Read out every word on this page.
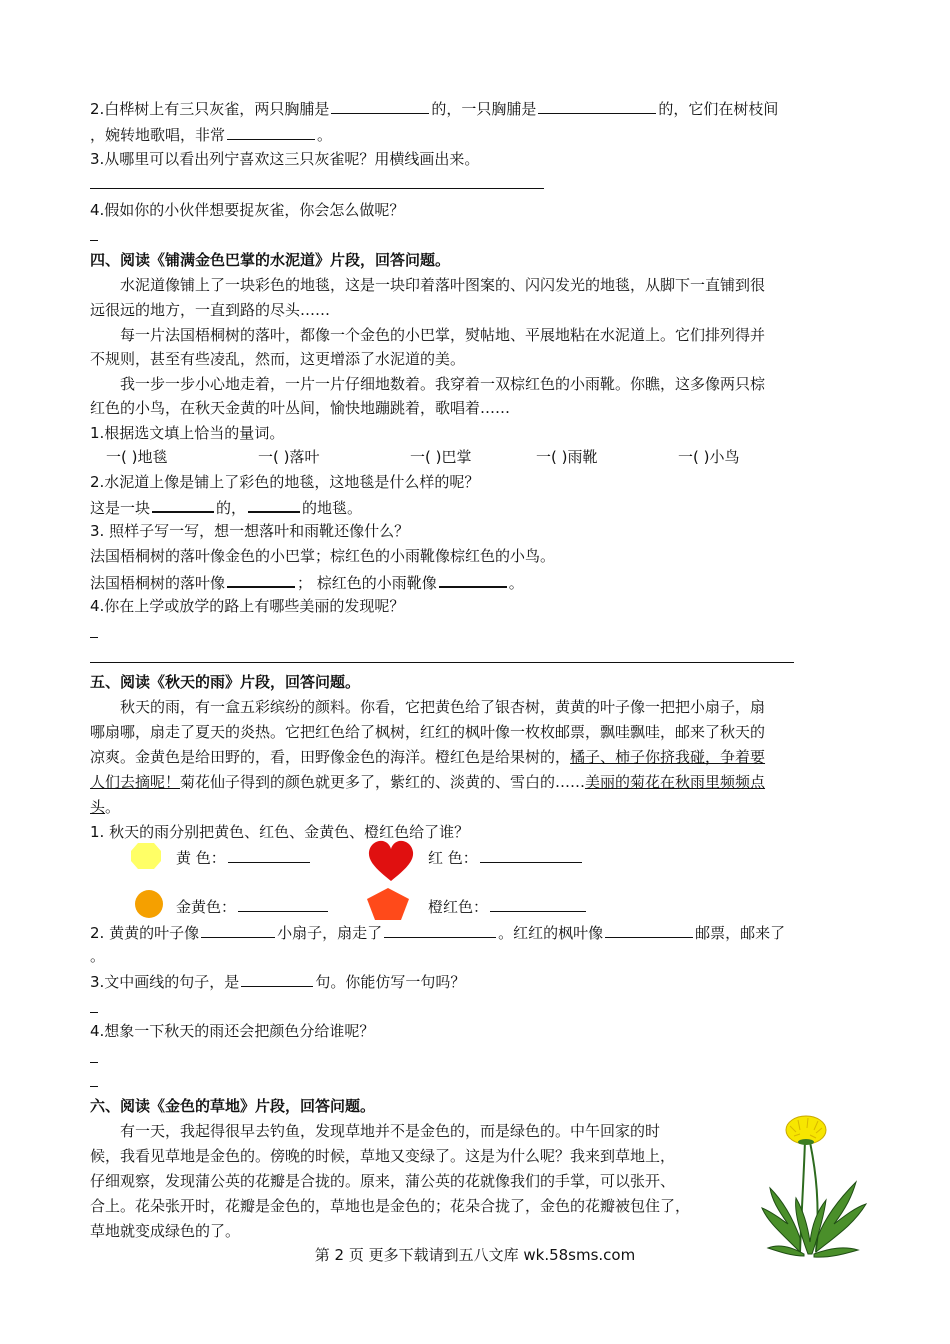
2.白桦树上有三只灰雀，两只胸脯是	的，一只胸脯是	的，它们在树枝间
，婉转地歌唱，非常	。
3.从哪里可以看出列宁喜欢这三只灰雀呢？用横线画出来。
4.假如你的小伙伴想要捉灰雀，你会怎么做呢？
四、阅读《铺满金色巴掌的水泥道》片段，回答问题。
水泥道像铺上了一块彩色的地毯，这是一块印着落叶图案的、闪闪发光的地毯，从脚下一直铺到很
远很远的地方，一直到路的尽头……
每一片法国梧桐树的落叶，都像一个金色的小巴掌，熨帖地、平展地粘在水泥道上。它们排列得并
不规则，甚至有些凌乱，然而，这更增添了水泥道的美。
我一步一步小心地走着，一片一片仔细地数着。我穿着一双棕红色的小雨靴。你瞧，这多像两只棕
红色的小鸟，在秋天金黄的叶丛间，愉快地蹦跳着，歌唱着……
1.根据选文填上恰当的量词。
一( )地毯	一( )落叶	一( )巴掌	一( )雨靴	一( )小鸟
2.水泥道上像是铺上了彩色的地毯，这地毯是什么样的呢？
这是一块	的，	的地毯。
3. 照样子写一写，想一想落叶和雨靴还像什么？
法国梧桐树的落叶像金色的小巴掌；棕红色的小雨靴像棕红色的小鸟。
法国梧桐树的落叶像	； 棕红色的小雨靴像	。
4.你在上学或放学的路上有哪些美丽的发现呢？
五、阅读《秋天的雨》片段，回答问题。
秋天的雨，有一盒五彩缤纷的颜料。你看，它把黄色给了银杏树，黄黄的叶子像一把把小扇子，扇
哪扇哪，扇走了夏天的炎热。它把红色给了枫树，红红的枫叶像一枚枚邮票，飘哇飘哇，邮来了秋天的
凉爽。金黄色是给田野的，看，田野像金色的海洋。橙红色是给果树的，橘子、柿子你挤我碰，争着要
人们去摘呢！菊花仙子得到的颜色就更多了，紫红的、淡黄的、雪白的……美丽的菊花在秋雨里频频点
头。
1. 秋天的雨分别把黄色、红色、金黄色、橙红色给了谁？
黄 色：	红 色：
金黄色：	橙红色：
2. 黄黄的叶子像	小扇子，扇走了	。红红的枫叶像	邮票，邮来了
。
3.文中画线的句子，是	句。你能仿写一句吗？
4.想象一下秋天的雨还会把颜色分给谁呢？
六、阅读《金色的草地》片段，回答问题。
有一天，我起得很早去钓鱼，发现草地并不是金色的，而是绿色的。中午回家的时
候，我看见草地是金色的。傍晚的时候，草地又变绿了。这是为什么呢？我来到草地上，
仔细观察，发现蒲公英的花瓣是合拢的。原来，蒲公英的花就像我们的手掌，可以张开、
合上。花朵张开时，花瓣是金色的，草地也是金色的；花朵合拢了，金色的花瓣被包住了，
草地就变成绿色的了。
第 2 页 更多下载请到五八文库 wk.58sms.com
